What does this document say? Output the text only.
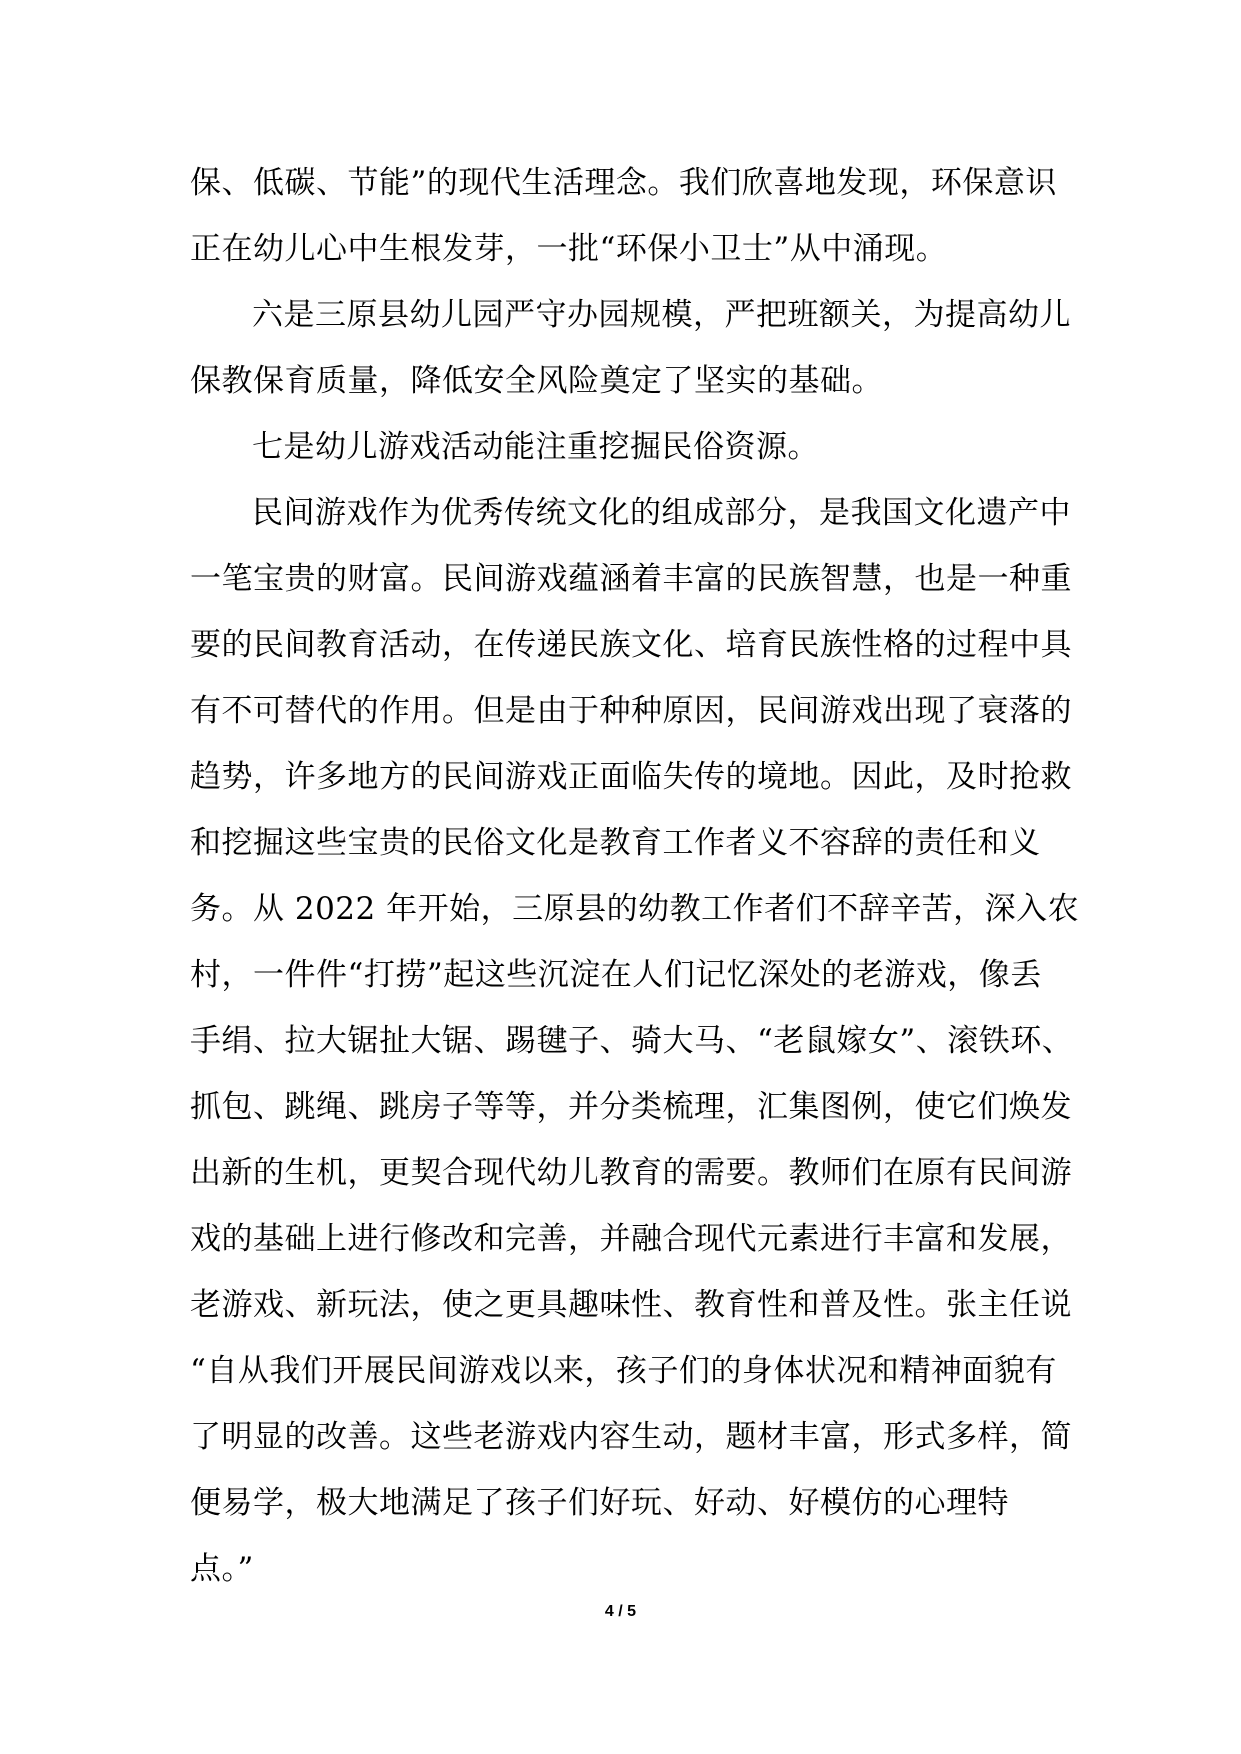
保、低碳、节能”的现代生活理念。我们欣喜地发现，环保意识
正在幼儿心中生根发芽，一批“环保小卫士”从中涌现。
六是三原县幼儿园严守办园规模，严把班额关，为提高幼儿
保教保育质量，降低安全风险奠定了坚实的基础。
七是幼儿游戏活动能注重挖掘民俗资源。
民间游戏作为优秀传统文化的组成部分，是我国文化遗产中
一笔宝贵的财富。民间游戏蕴涵着丰富的民族智慧，也是一种重
要的民间教育活动，在传递民族文化、培育民族性格的过程中具
有不可替代的作用。但是由于种种原因，民间游戏出现了衰落的
趋势，许多地方的民间游戏正面临失传的境地。因此，及时抢救
和挖掘这些宝贵的民俗文化是教育工作者义不容辞的责任和义
务。从 2022 年开始，三原县的幼教工作者们不辞辛苦，深入农
村，一件件“打捞”起这些沉淀在人们记忆深处的老游戏，像丢
手绢、拉大锯扯大锯、踢毽子、骑大马、“老鼠嫁女”、滚铁环、
抓包、跳绳、跳房子等等，并分类梳理，汇集图例，使它们焕发
出新的生机，更契合现代幼儿教育的需要。教师们在原有民间游
戏的基础上进行修改和完善，并融合现代元素进行丰富和发展，
老游戏、新玩法，使之更具趣味性、教育性和普及性。张主任说
“自从我们开展民间游戏以来，孩子们的身体状况和精神面貌有
了明显的改善。这些老游戏内容生动，题材丰富，形式多样，简
便易学，极大地满足了孩子们好玩、好动、好模仿的心理特
点。”
4 / 5
